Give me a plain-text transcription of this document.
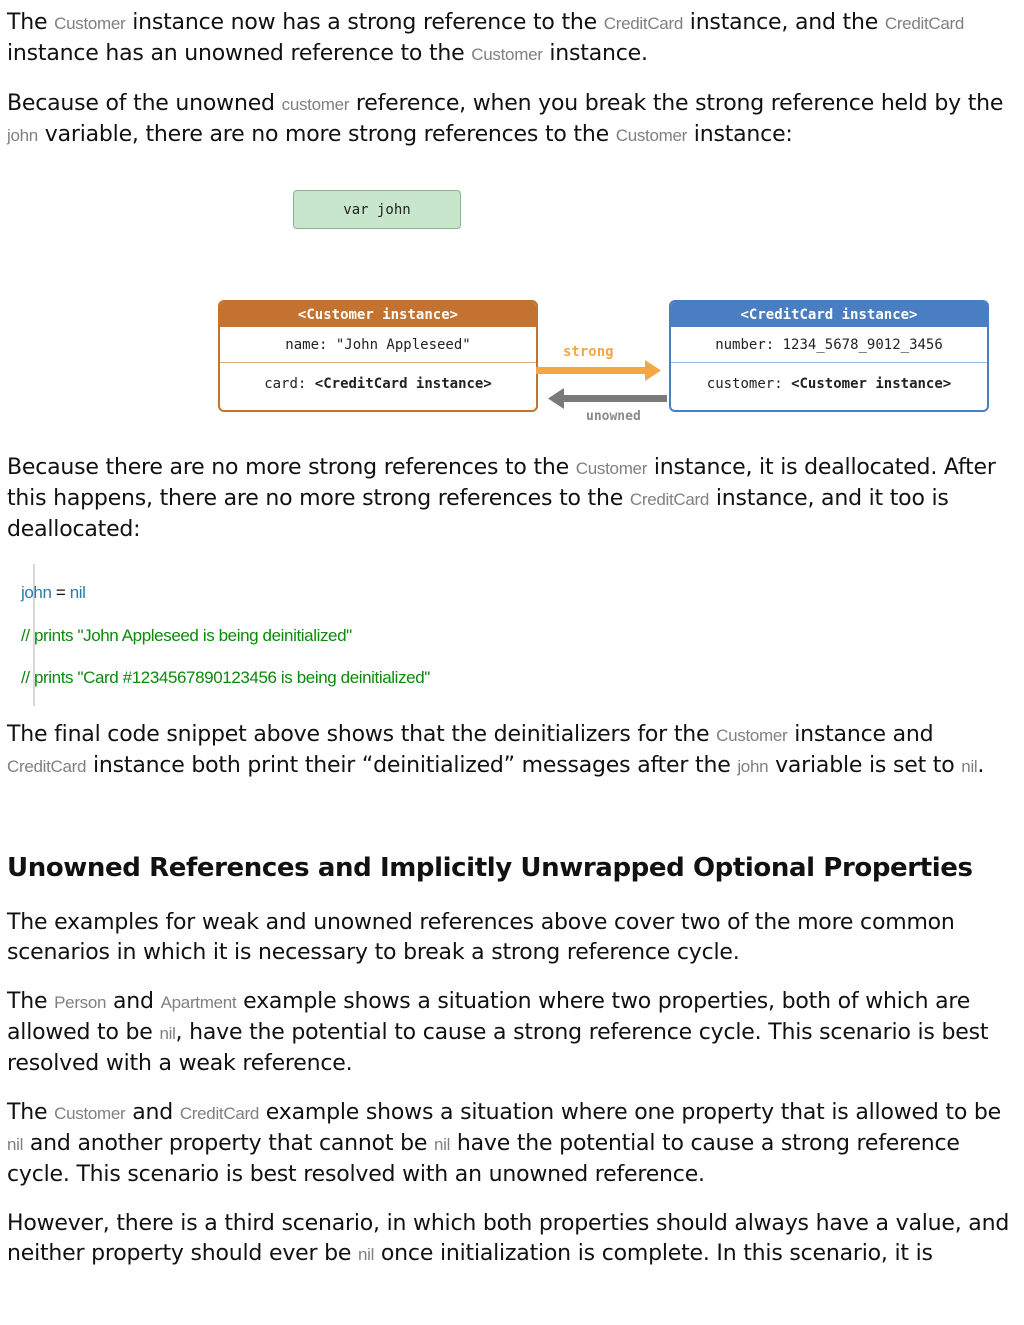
The Customer instance now has a strong reference to the CreditCard instance, and the CreditCard instance has an unowned reference to the Customer instance.

Because of the unowned customer reference, when you break the strong reference held by the john variable, there are no more strong references to the Customer instance:

var john
<Customer instance>
name: "John Appleseed"
card: <CreditCard instance>
<CreditCard instance>
number: 1234_5678_9012_3456
customer: <Customer instance>
strong
unowned

Because there are no more strong references to the Customer instance, it is deallocated. After this happens, there are no more strong references to the CreditCard instance, and it too is deallocated:

john = nil
// prints "John Appleseed is being deinitialized"
// prints "Card #1234567890123456 is being deinitialized"

The final code snippet above shows that the deinitializers for the Customer instance and CreditCard instance both print their “deinitialized” messages after the john variable is set to nil.

Unowned References and Implicitly Unwrapped Optional Properties

The examples for weak and unowned references above cover two of the more common scenarios in which it is necessary to break a strong reference cycle.

The Person and Apartment example shows a situation where two properties, both of which are allowed to be nil, have the potential to cause a strong reference cycle. This scenario is best resolved with a weak reference.

The Customer and CreditCard example shows a situation where one property that is allowed to be nil and another property that cannot be nil have the potential to cause a strong reference cycle. This scenario is best resolved with an unowned reference.

However, there is a third scenario, in which both properties should always have a value, and neither property should ever be nil once initialization is complete. In this scenario, it is
